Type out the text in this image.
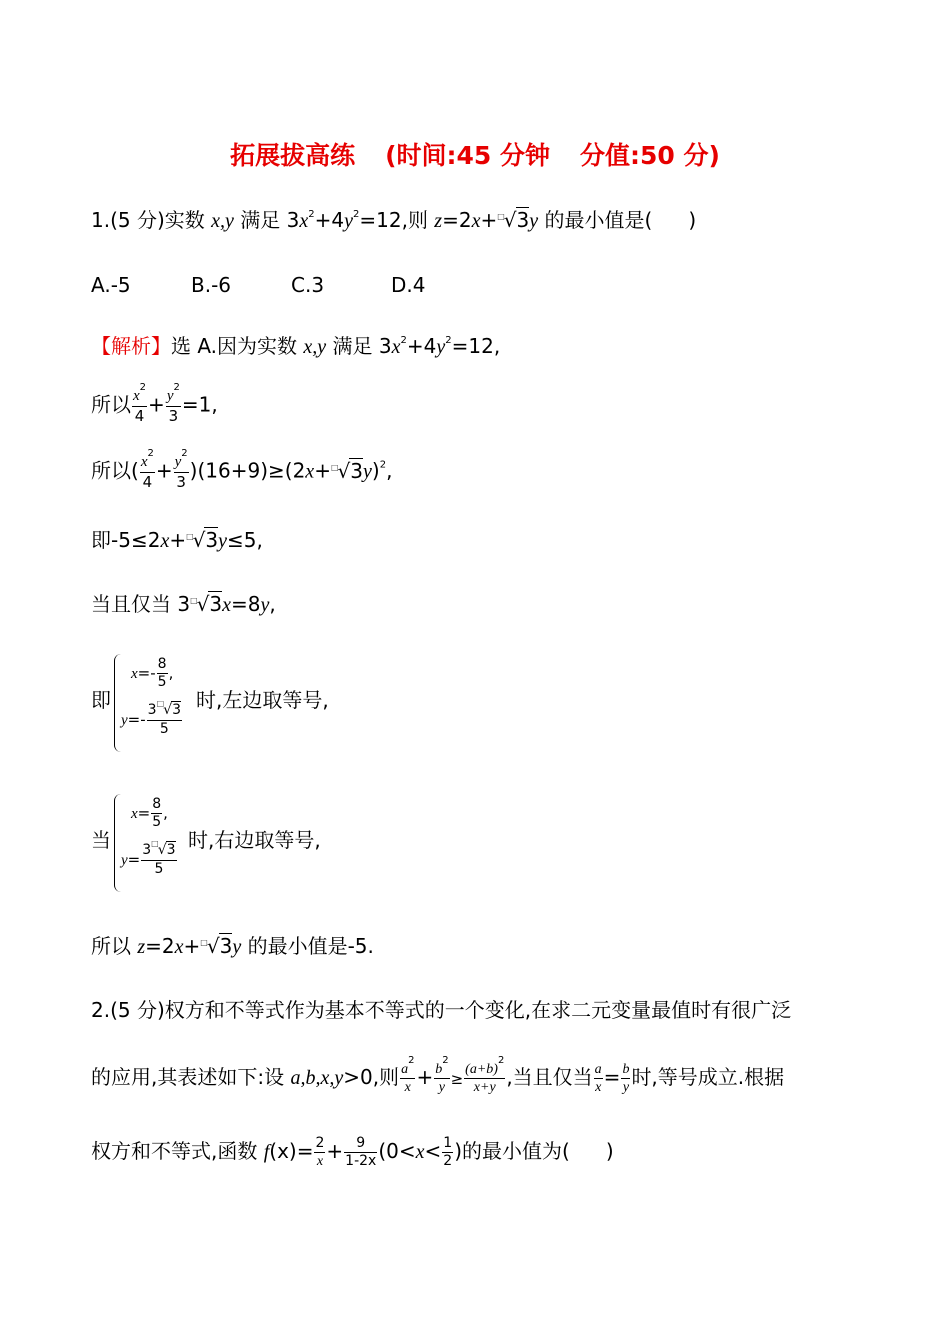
拓展拔高练 (时间:45 分钟 分值:50 分)
1.(5 分)实数 x,y 满足 $3x^2+4y^2=12$,则 z=2x+□√3y 的最小值是( )
A.-5	B.-6	C.3	D.4
【解析】选 A.因为实数 x,y 满足 $3x^2+4y^2=12$,
所以 $\frac{x^2}{4} + \frac{y^2}{3} =1$,
所以( $\frac{x^2}{4} + \frac{y^2}{3} )(16+9)\ge(2x+^□√3y)^2$,
即-5≤2x+□√3y≤5,
当且仅当 3□√3x=8y,
即
$x=- \frac{8}{5}$ ,
$y=- \frac{3^□√3}{5}$
时,左边取等号,
当
$x= \frac{8}{5}$ ,
$y= \frac{3^□√3}{5}$
时,右边取等号,
所以 z=2x+□√3y 的最小值是-5.
2.(5 分)权方和不等式作为基本不等式的一个变化,在求二元变量最值时有很广泛
的应用,其表述如下:设 a,b,x,y>0,则 $\frac{a^2}{x} + \frac{b^2}{y} \ge \frac{(a+b)^2}{x+y}$ ,当且仅当 $\frac{a}{x} = \frac{b}{y}$ 时,等号成立.根据
权方和不等式,函数 $f(x)= \frac{2}{x} + \frac{9}{1-2x} (0<x< \frac{1}{2}$ )的最小值为( )
